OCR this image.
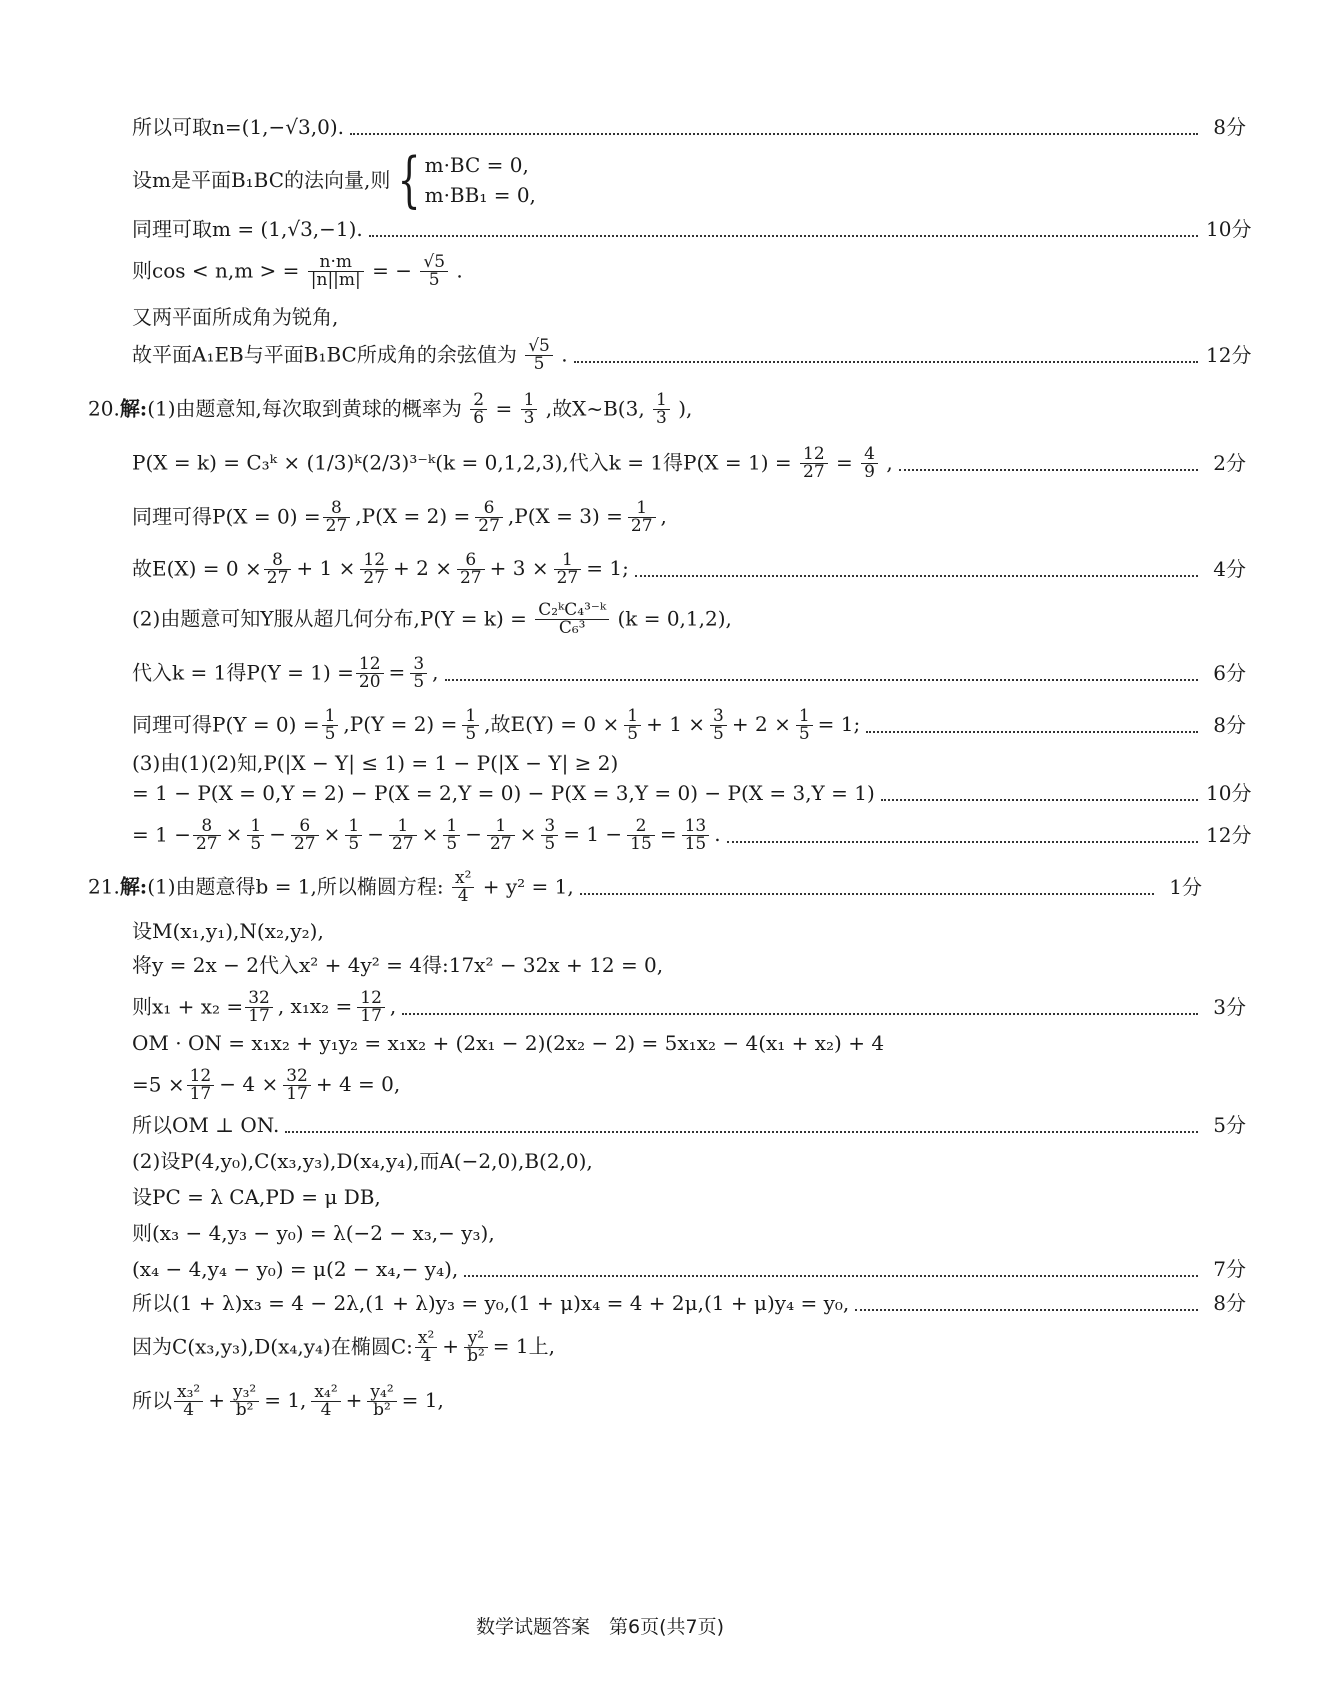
所以可取n=(1,−√3,0).	8分
设m是平面B₁BC的法向量,则 { m·BC = 0,
m·BB₁ = 0,
同理可取m = (1,√3,−1).	10分
则cos < n,m > = $\frac{n\cdot m}{|n||m|}$ = − $\frac{√5}{5}$ .
又两平面所成角为锐角,
故平面A₁EB与平面B₁BC所成角的余弦值为 $\frac{√5}{5}$ .	12分
20.解:(1)由题意知,每次取到黄球的概率为 $\frac{2}{6} = \frac{1}{3}$ ,故X~B(3, $\frac{1}{3}$ ),
P(X = k) = C₃ᵏ × (1/3)ᵏ(2/3)³⁻ᵏ(k = 0,1,2,3),代入k = 1得$P(X = 1) = \frac{12}{27} = \frac{4}{9}$ ,	2分
同理可得$P(X = 0) = \frac{8}{27} ,P(X = 2) = \frac{6}{27} ,P(X = 3) = \frac{1}{27}$ ,
故$E(X) = 0 \times \frac{8}{27} + 1 \times \frac{12}{27} + 2 \times \frac{6}{27} + 3 \times \frac{1}{27} = 1$;	4分
(2)由题意可知Y服从超几何分布$,P(Y = k) = \frac{\text{C₂ᵏC₄³⁻ᵏ}}{\text{C₆³}} (k = 0,1,2)$,
代入k = 1得$P(Y = 1) = \frac{12}{20} = \frac{3}{5}$ ,	6分
同理可得$P(Y = 0) = \frac{1}{5} ,P(Y = 2) = \frac{1}{5}$ ,故$E(Y) = 0 \times \frac{1}{5} + 1 \times \frac{3}{5} + 2 \times \frac{1}{5} = 1$;	8分
(3)由(1)(2)知,P(|X − Y| ≤ 1) = 1 − P(|X − Y| ≥ 2)
= 1 − P(X = 0,Y = 2) − P(X = 2,Y = 0) − P(X = 3,Y = 0) − P(X = 3,Y = 1)	10分
= $1 - \frac{8}{27} \times \frac{1}{5} - \frac{6}{27} \times \frac{1}{5} - \frac{1}{27} \times \frac{1}{5} - \frac{1}{27} \times \frac{3}{5} = 1 - \frac{2}{15} = \frac{13}{15}$ .	12分
21.解:(1)由题意得b = 1,所以椭圆方程: $\frac{\text{x²}}{4} + y^2 = 1$,	1分
设M(x₁,y₁),N(x₂,y₂),
将y = 2x − 2代入x² + 4y² = 4得:17x² − 32x + 12 = 0,
则$x_1 + x_2 = \frac{32}{17}$ , $x_1x_2 = \frac{12}{17}$ ,	3分
OM · ON = x₁x₂ + y₁y₂ = x₁x₂ + (2x₁ − 2)(2x₂ − 2) = 5x₁x₂ − 4(x₁ + x₂) + 4
$=5 \times \frac{12}{17} - 4 \times \frac{32}{17} + 4 = 0$,
所以OM ⊥ ON.	5分
(2)设P(4,y₀),C(x₃,y₃),D(x₄,y₄),而A(−2,0),B(2,0),
设PC = λ CA,PD = μ DB,
则(x₃ − 4,y₃ − y₀) = λ(−2 − x₃,− y₃),
(x₄ − 4,y₄ − y₀) = μ(2 − x₄,− y₄),	7分
所以(1 + λ)x₃ = 4 − 2λ,(1 + λ)y₃ = y₀,(1 + μ)x₄ = 4 + 2μ,(1 + μ)y₄ = y₀,	8分
因为C(x₃,y₃),D(x₄,y₄)在椭圆C: $\frac{\text{x²}}{4} + \frac{\text{y²}}{\text{b²}} = 1$上,
所以 $\frac{\text{x₃²}}{4} + \frac{\text{y₃²}}{\text{b²}} = 1$, $\frac{\text{x₄²}}{4} + \frac{\text{y₄²}}{\text{b²}} = 1$,
数学试题答案　第6页(共7页)
